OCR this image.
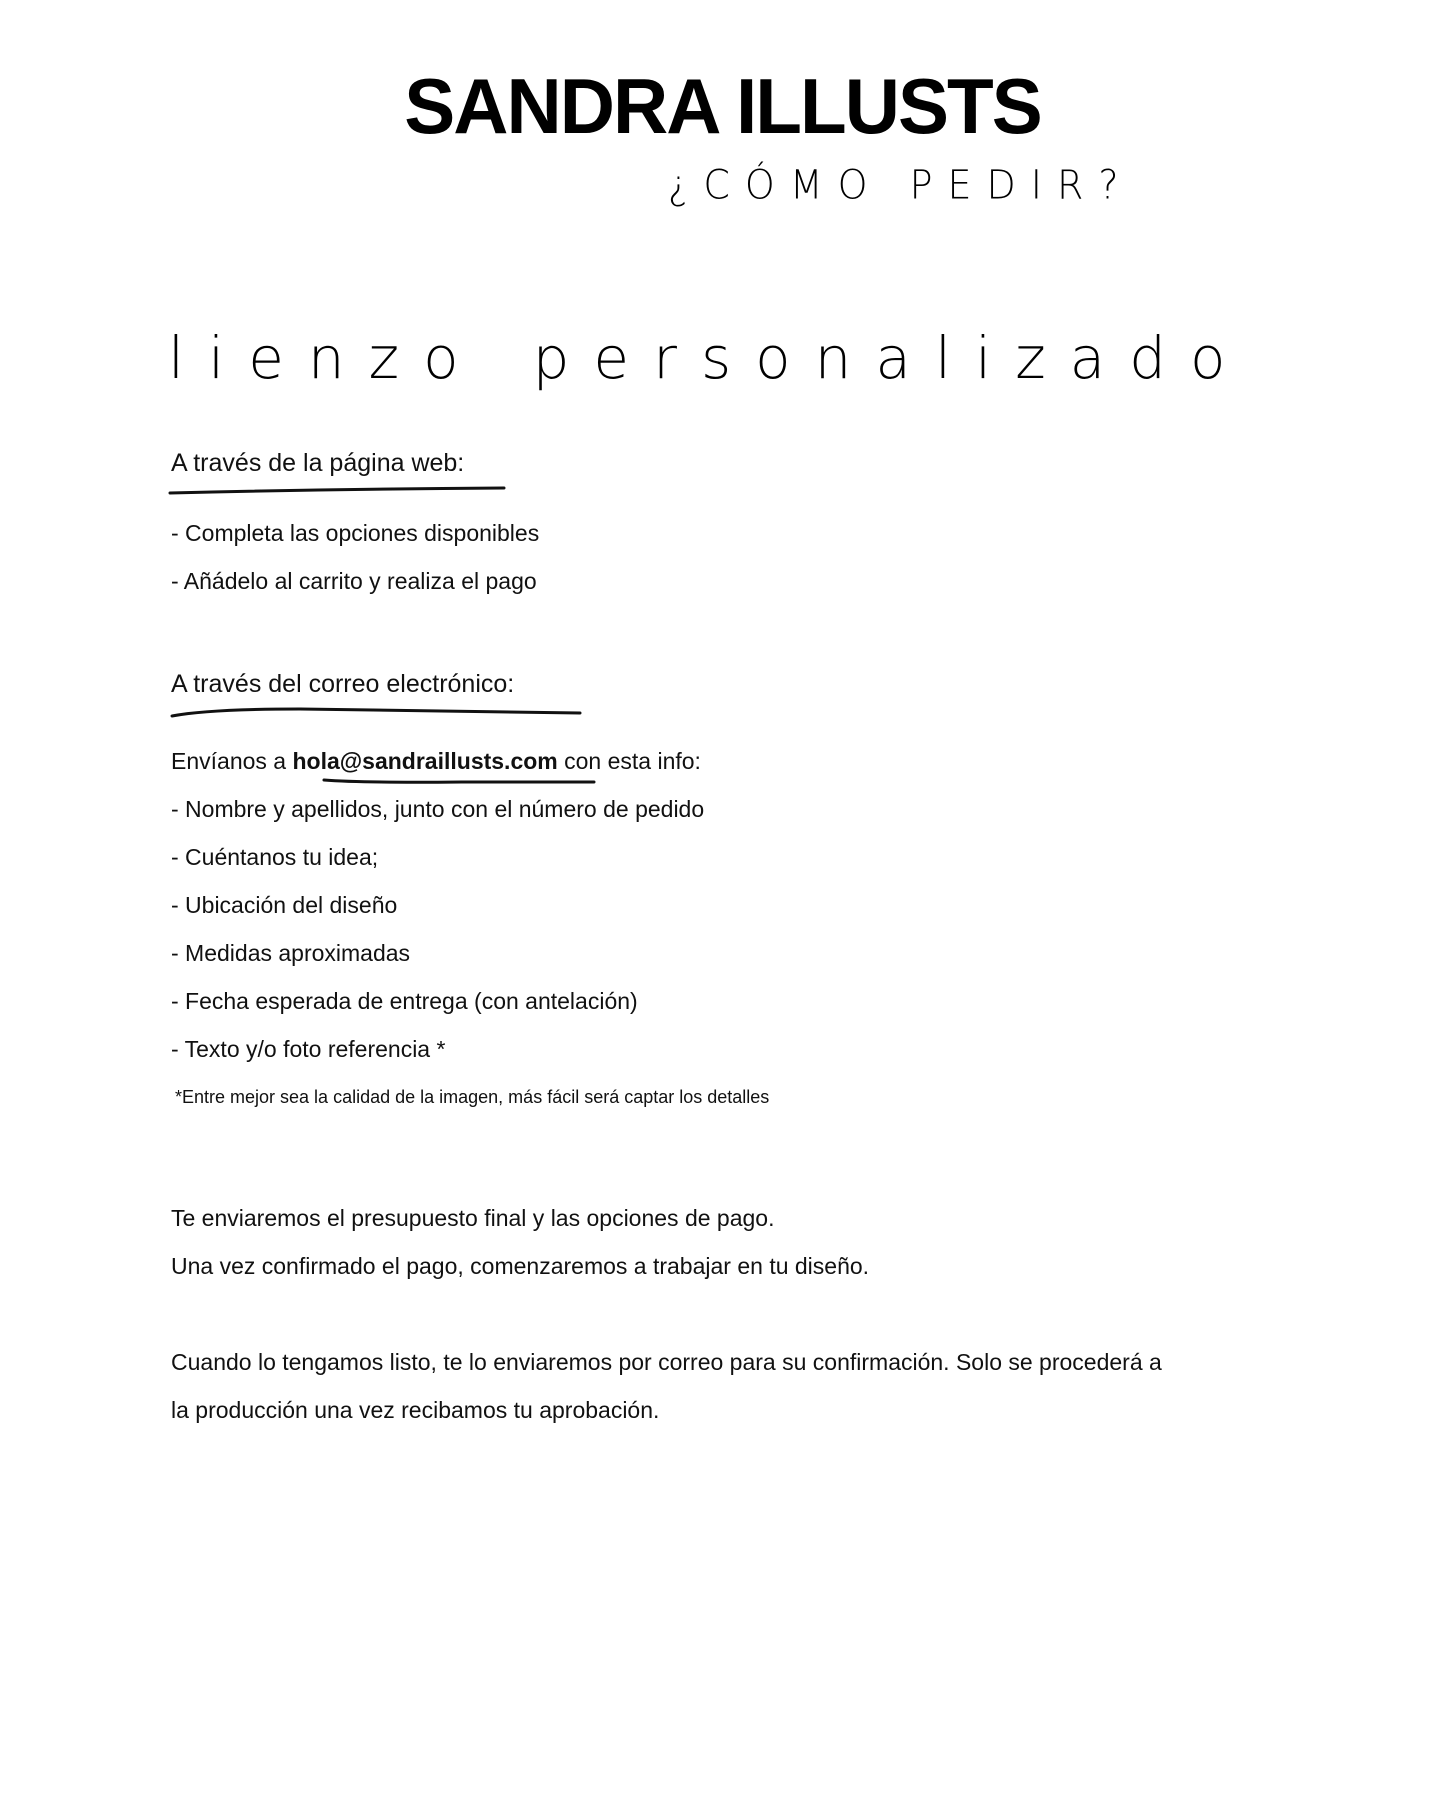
SANDRA ILLUSTS
¿CÓMO PEDIR?
lienzo personalizado
A través de la página web:
- Completa las opciones disponibles
- Añádelo al carrito y realiza el pago
A través del correo electrónico:
Envíanos a hola@sandraillusts.com con esta info:
- Nombre y apellidos, junto con el número de pedido
- Cuéntanos tu idea;
- Ubicación del diseño
- Medidas aproximadas
- Fecha esperada de entrega (con antelación)
- Texto y/o foto referencia *
*Entre mejor sea la calidad de la imagen, más fácil será captar los detalles
Te enviaremos el presupuesto final y las opciones de pago.
Una vez confirmado el pago, comenzaremos a trabajar en tu diseño.
Cuando lo tengamos listo, te lo enviaremos por correo para su confirmación. Solo se procederá a
la producción una vez recibamos tu aprobación.
